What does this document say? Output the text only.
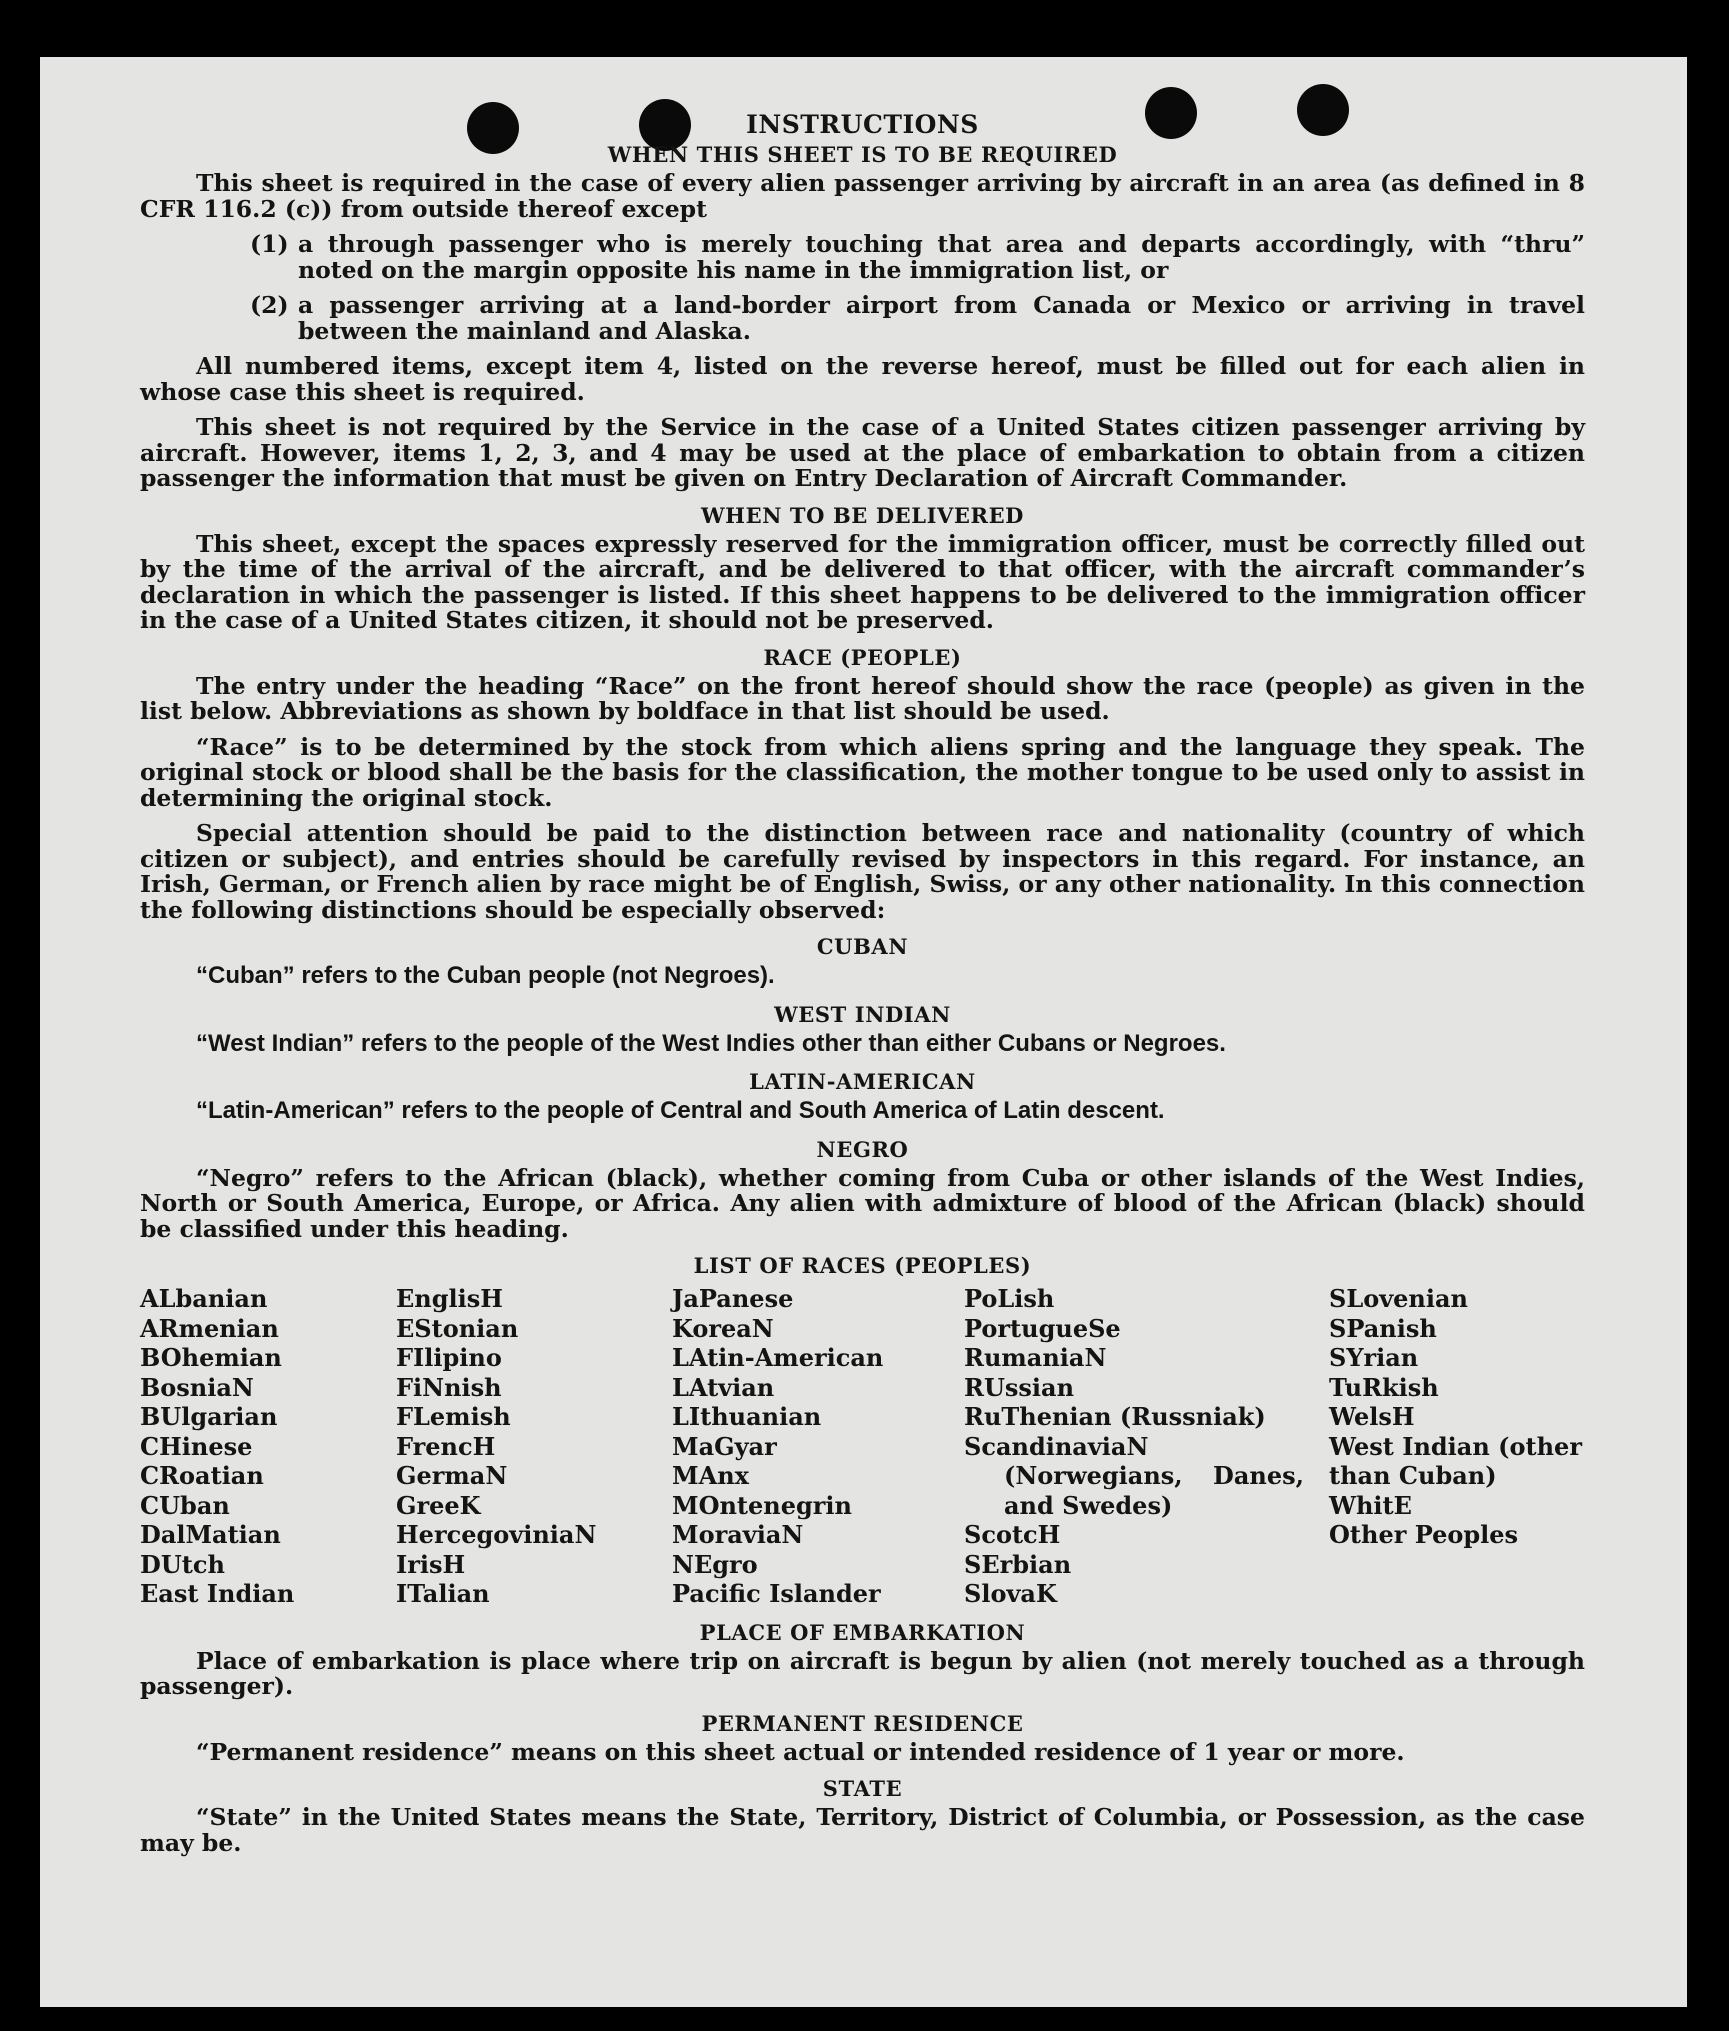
INSTRUCTIONS
WHEN THIS SHEET IS TO BE REQUIRED

This sheet is required in the case of every alien passenger arriving by aircraft in an area (as defined in 8 CFR 116.2 (c)) from outside thereof except

(1) a through passenger who is merely touching that area and departs accordingly, with “thru” noted on the margin opposite his name in the immigration list, or
(2) a passenger arriving at a land-border airport from Canada or Mexico or arriving in travel between the mainland and Alaska.

All numbered items, except item 4, listed on the reverse hereof, must be filled out for each alien in whose case this sheet is required.

This sheet is not required by the Service in the case of a United States citizen passenger arriving by aircraft. However, items 1, 2, 3, and 4 may be used at the place of embarkation to obtain from a citizen passenger the information that must be given on Entry Declaration of Aircraft Commander.

WHEN TO BE DELIVERED

This sheet, except the spaces expressly reserved for the immigration officer, must be correctly filled out by the time of the arrival of the aircraft, and be delivered to that officer, with the aircraft commander’s declaration in which the passenger is listed. If this sheet happens to be delivered to the immigration officer in the case of a United States citizen, it should not be preserved.

RACE (PEOPLE)

The entry under the heading “Race” on the front hereof should show the race (people) as given in the list below. Abbreviations as shown by boldface in that list should be used.

“Race” is to be determined by the stock from which aliens spring and the language they speak. The original stock or blood shall be the basis for the classification, the mother tongue to be used only to assist in determining the original stock.

Special attention should be paid to the distinction between race and nationality (country of which citizen or subject), and entries should be carefully revised by inspectors in this regard. For instance, an Irish, German, or French alien by race might be of English, Swiss, or any other nationality. In this connection the following distinctions should be especially observed:

CUBAN
“Cuban” refers to the Cuban people (not Negroes).
WEST INDIAN
“West Indian” refers to the people of the West Indies other than either Cubans or Negroes.
LATIN-AMERICAN
“Latin-American” refers to the people of Central and South America of Latin descent.
NEGRO

“Negro” refers to the African (black), whether coming from Cuba or other islands of the West Indies, North or South America, Europe, or Africa. Any alien with admixture of blood of the African (black) should be classified under this heading.

LIST OF RACES (PEOPLES)
ALbanian
ARmenian
BOhemian
BosniaN
BUlgarian
CHinese
CRoatian
CUban
DalMatian
DUtch
East Indian
EnglisH
EStonian
FIlipino
FiNnish
FLemish
FrencH
GermaN
GreeK
HercegoviniaN
IrisH
ITalian
JaPanese
KoreaN
LAtin-American
LAtvian
LIthuanian
MaGyar
MAnx
MOntenegrin
MoraviaN
NEgro
Pacific Islander
PoLish
PortugueSe
RumaniaN
RUssian
RuThenian (Russniak)
ScandinaviaN (Norwegians, Danes, and Swedes)
ScotcH
SErbian
SlovaK
SLovenian
SPanish
SYrian
TuRkish
WelsH
West Indian (other than Cuban)
WhitE
Other Peoples
PLACE OF EMBARKATION

Place of embarkation is place where trip on aircraft is begun by alien (not merely touched as a through passenger).

PERMANENT RESIDENCE

“Permanent residence” means on this sheet actual or intended residence of 1 year or more.

STATE

“State” in the United States means the State, Territory, District of Columbia, or Possession, as the case may be.
